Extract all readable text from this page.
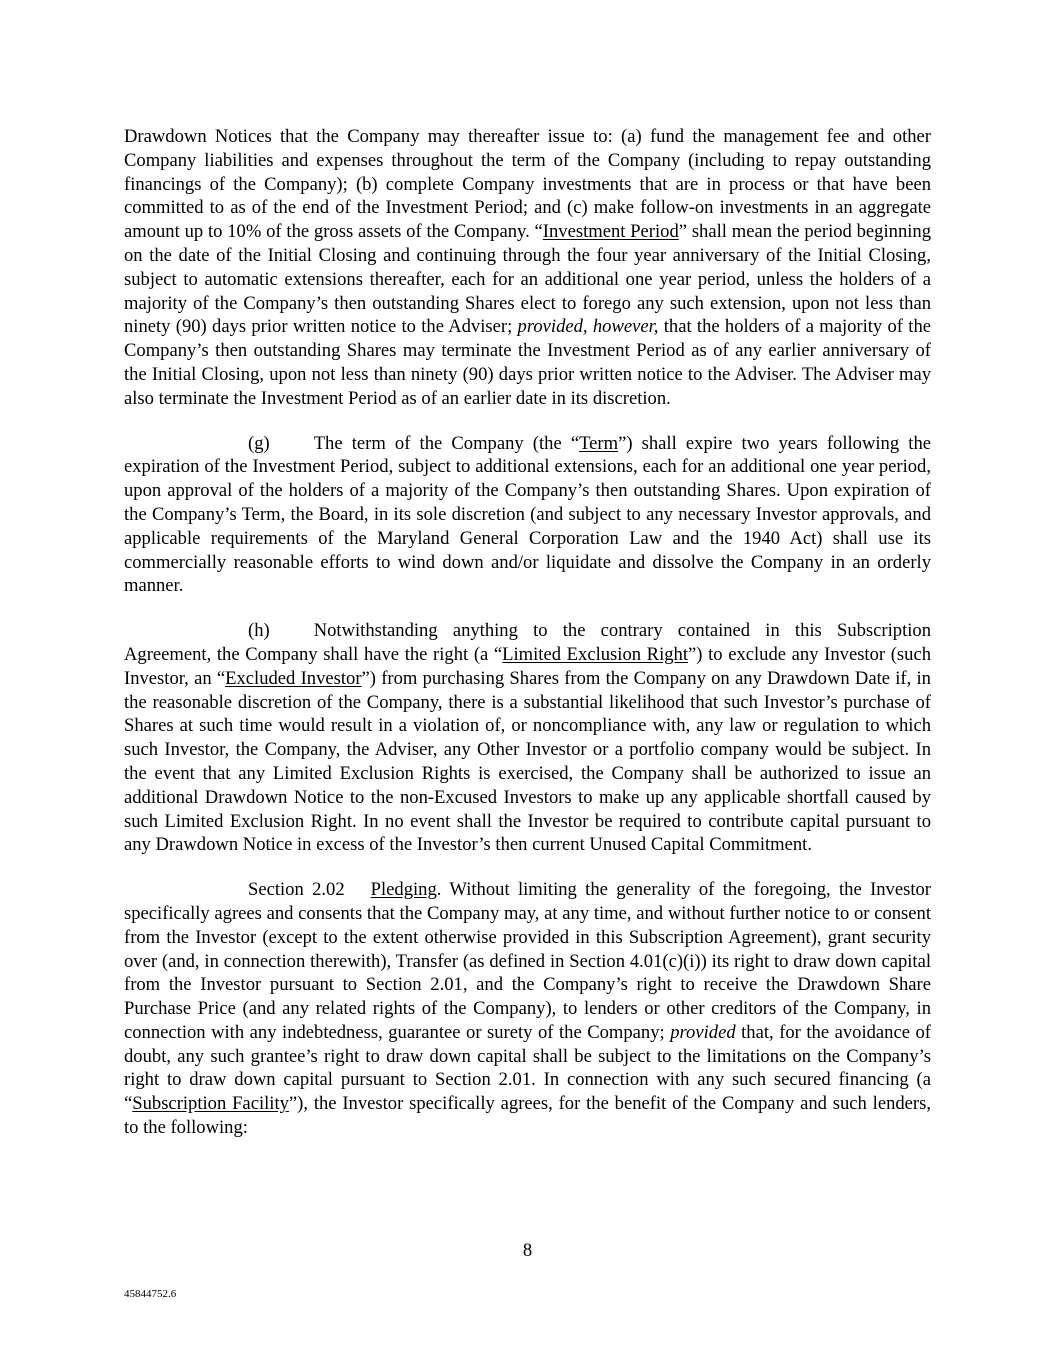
Drawdown Notices that the Company may thereafter issue to: (a) fund the management fee and other Company liabilities and expenses throughout the term of the Company (including to repay outstanding financings of the Company); (b) complete Company investments that are in process or that have been committed to as of the end of the Investment Period; and (c) make follow-on investments in an aggregate amount up to 10% of the gross assets of the Company. “Investment Period” shall mean the period beginning on the date of the Initial Closing and continuing through the four year anniversary of the Initial Closing, subject to automatic extensions thereafter, each for an additional one year period, unless the holders of a majority of the Company’s then outstanding Shares elect to forego any such extension, upon not less than ninety (90) days prior written notice to the Adviser; provided, however, that the holders of a majority of the Company’s then outstanding Shares may terminate the Investment Period as of any earlier anniversary of the Initial Closing, upon not less than ninety (90) days prior written notice to the Adviser. The Adviser may also terminate the Investment Period as of an earlier date in its discretion.

(g) The term of the Company (the “Term”) shall expire two years following the expiration of the Investment Period, subject to additional extensions, each for an additional one year period, upon approval of the holders of a majority of the Company’s then outstanding Shares. Upon expiration of the Company’s Term, the Board, in its sole discretion (and subject to any necessary Investor approvals, and applicable requirements of the Maryland General Corporation Law and the 1940 Act) shall use its commercially reasonable efforts to wind down and/or liquidate and dissolve the Company in an orderly manner.

(h) Notwithstanding anything to the contrary contained in this Subscription Agreement, the Company shall have the right (a “Limited Exclusion Right”) to exclude any Investor (such Investor, an “Excluded Investor”) from purchasing Shares from the Company on any Drawdown Date if, in the reasonable discretion of the Company, there is a substantial likelihood that such Investor’s purchase of Shares at such time would result in a violation of, or noncompliance with, any law or regulation to which such Investor, the Company, the Adviser, any Other Investor or a portfolio company would be subject. In the event that any Limited Exclusion Rights is exercised, the Company shall be authorized to issue an additional Drawdown Notice to the non-Excused Investors to make up any applicable shortfall caused by such Limited Exclusion Right. In no event shall the Investor be required to contribute capital pursuant to any Drawdown Notice in excess of the Investor’s then current Unused Capital Commitment.

Section 2.02 Pledging. Without limiting the generality of the foregoing, the Investor specifically agrees and consents that the Company may, at any time, and without further notice to or consent from the Investor (except to the extent otherwise provided in this Subscription Agreement), grant security over (and, in connection therewith), Transfer (as defined in Section 4.01(c)(i)) its right to draw down capital from the Investor pursuant to Section 2.01, and the Company’s right to receive the Drawdown Share Purchase Price (and any related rights of the Company), to lenders or other creditors of the Company, in connection with any indebtedness, guarantee or surety of the Company; provided that, for the avoidance of doubt, any such grantee’s right to draw down capital shall be subject to the limitations on the Company’s right to draw down capital pursuant to Section 2.01. In connection with any such secured financing (a “Subscription Facility”), the Investor specifically agrees, for the benefit of the Company and such lenders, to the following:

8
45844752.6
